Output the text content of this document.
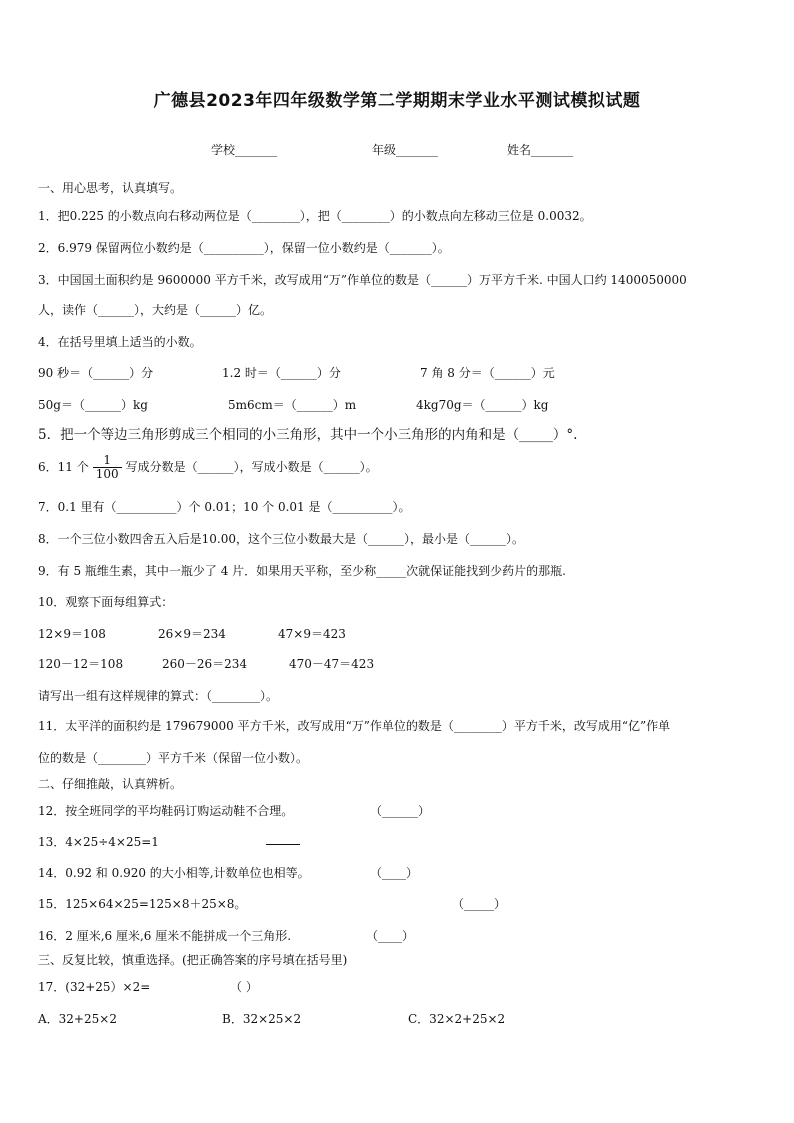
广德县2023年四年级数学第二学期期末学业水平测试模拟试题
学校_______	年级_______	姓名_______
一、用心思考，认真填写。
1．把0.225 的小数点向右移动两位是（________），把（________）的小数点向左移动三位是 0.0032。
2．6.979 保留两位小数约是（__________），保留一位小数约是（_______）。
3．中国国土面积约是 9600000 平方千米，改写成用“万”作单位的数是（______）万平方千米. 中国人口约 1400050000
人，读作（______），大约是（______）亿。
4．在括号里填上适当的小数。
90 秒＝（______）分	1.2 时＝（______）分	7 角 8 分＝（______）元
50g＝（______）kg	5m6cm＝（______）m	4kg70g＝（______）kg
5．把一个等边三角形剪成三个相同的小三角形，其中一个小三角形的内角和是（_____）°.
6．11 个 $\frac{1}{100}$ 写成分数是（______），写成小数是（______）。
7．0.1 里有（__________）个 0.01；10 个 0.01 是（__________）。
8．一个三位小数四舍五入后是10.00，这个三位小数最大是（______），最小是（______）。
9．有 5 瓶维生素，其中一瓶少了 4 片．如果用天平称，至少称_____次就保证能找到少药片的那瓶.
10．观察下面每组算式：
12×9＝108	26×9＝234	47×9＝423
120－12＝108	260－26＝234	470－47＝423
请写出一组有这样规律的算式：（________）。
11．太平洋的面积约是 179679000 平方千米，改写成用“万”作单位的数是（________）平方千米，改写成用“亿”作单
位的数是（________）平方千米（保留一位小数）。
二、仔细推敲，认真辨析。
12．按全班同学的平均鞋码订购运动鞋不合理。	（______）
13．4×25÷4×25=1
14．0.92 和 0.920 的大小相等,计数单位也相等。	（____）
15．125×64×25=125×8＋25×8。	（_____）
16．2 厘米,6 厘米,6 厘米不能拼成一个三角形.	（____）
三、反复比较，慎重选择。(把正确答案的序号填在括号里)
17．(32+25）×2=	（ ）
A．32+25×2	B．32×25×2	C．32×2+25×2
